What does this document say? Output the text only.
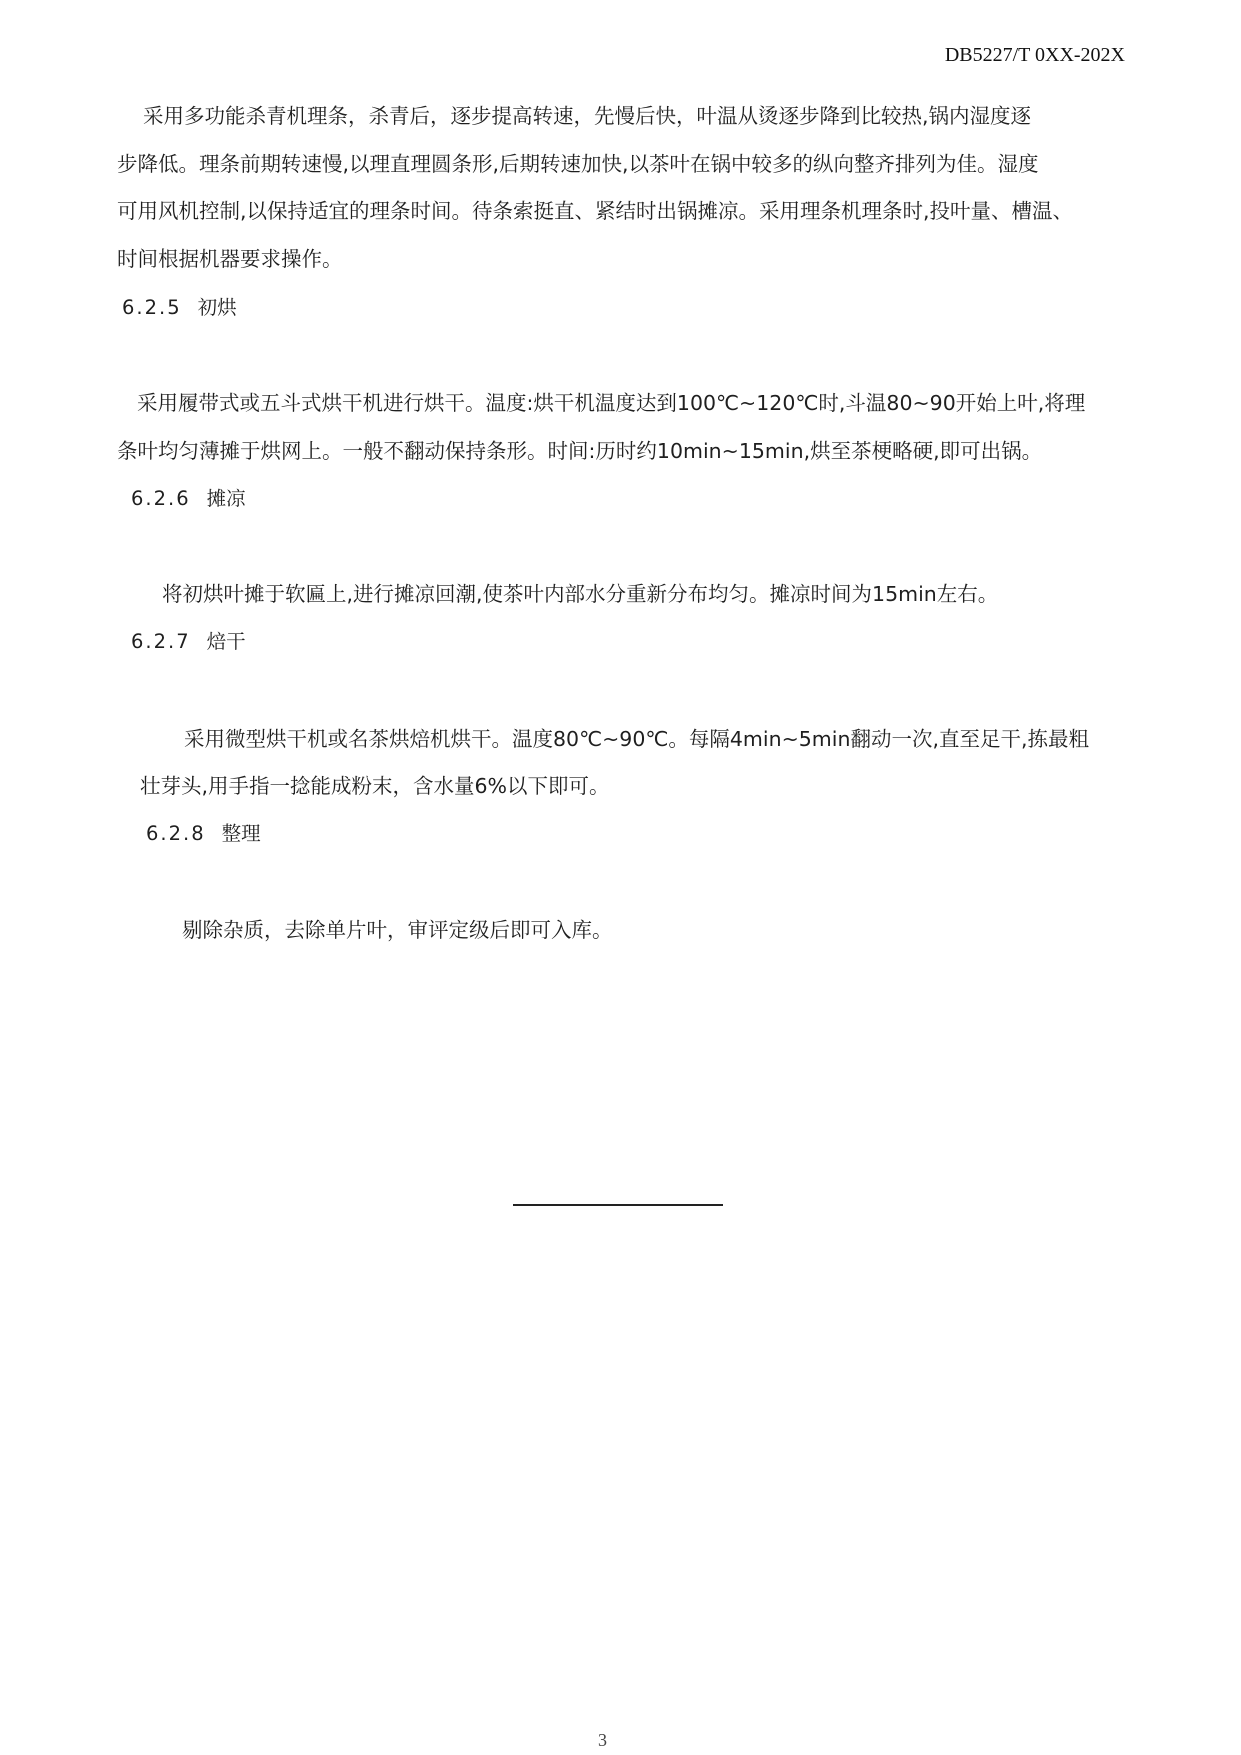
DB5227/T 0XX-202X
采用多功能杀青机理条，杀青后，逐步提高转速，先慢后快，叶温从烫逐步降到比较热,锅内湿度逐
步降低。理条前期转速慢,以理直理圆条形,后期转速加快,以茶叶在锅中较多的纵向整齐排列为佳。湿度
可用风机控制,以保持适宜的理条时间。待条索挺直、紧结时出锅摊凉。采用理条机理条时,投叶量、槽温、
时间根据机器要求操作。
6.2.5 初烘
采用履带式或五斗式烘干机进行烘干。温度:烘干机温度达到100℃~120℃时,斗温80~90开始上叶,将理
条叶均匀薄摊于烘网上。一般不翻动保持条形。时间:历时约10min~15min,烘至茶梗略硬,即可出锅。
6.2.6 摊凉
将初烘叶摊于软匾上,进行摊凉回潮,使茶叶内部水分重新分布均匀。摊凉时间为15min左右。
6.2.7 焙干
采用微型烘干机或名茶烘焙机烘干。温度80℃~90℃。每隔4min~5min翻动一次,直至足干,拣最粗
壮芽头,用手指一捻能成粉末，含水量6%以下即可。
6.2.8 整理
剔除杂质，去除单片叶，审评定级后即可入库。
3
